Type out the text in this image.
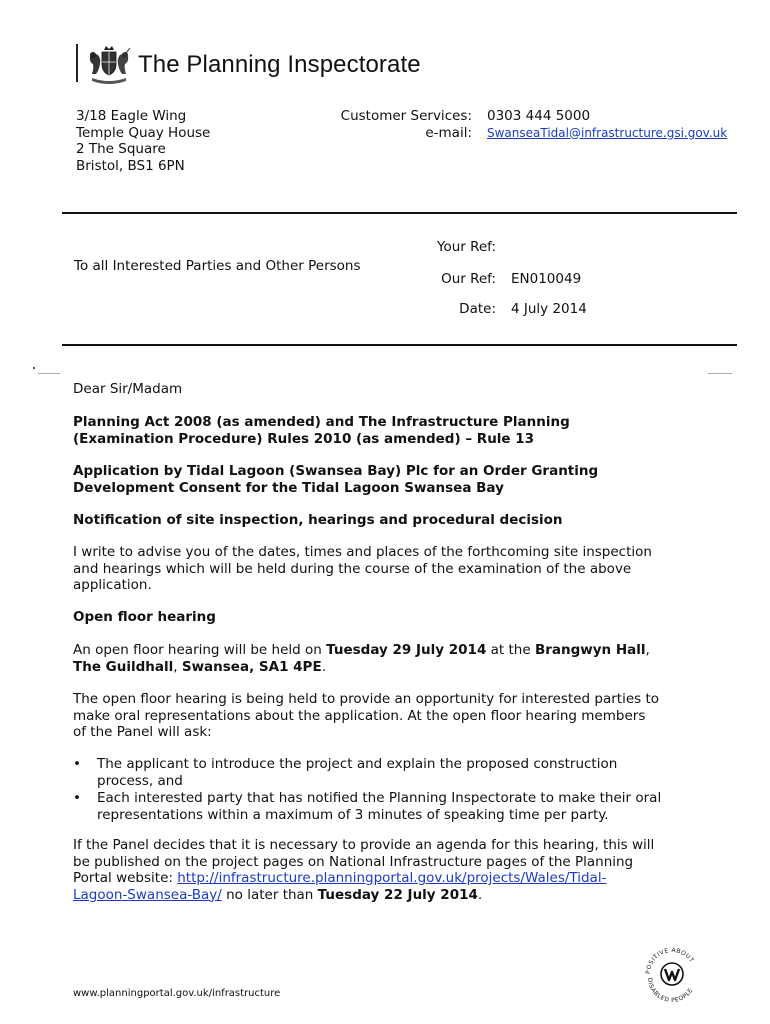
The Planning Inspectorate
3/18 Eagle Wing
Temple Quay House
2 The Square
Bristol, BS1 6PN
Customer Services:
e-mail:
0303 444 5000
SwanseaTidal@infrastructure.gsi.gov.uk
To all Interested Parties and Other Persons
Your Ref:
Our Ref: EN010049
Date: 4 July 2014
Dear Sir/Madam
Planning Act 2008 (as amended) and The Infrastructure Planning
(Examination Procedure) Rules 2010 (as amended) – Rule 13
Application by Tidal Lagoon (Swansea Bay) Plc for an Order Granting
Development Consent for the Tidal Lagoon Swansea Bay
Notification of site inspection, hearings and procedural decision
I write to advise you of the dates, times and places of the forthcoming site inspection
and hearings which will be held during the course of the examination of the above
application.
Open floor hearing
An open floor hearing will be held on Tuesday 29 July 2014 at the Brangwyn Hall,
The Guildhall, Swansea, SA1 4PE.
The open floor hearing is being held to provide an opportunity for interested parties to
make oral representations about the application. At the open floor hearing members
of the Panel will ask:
• The applicant to introduce the project and explain the proposed construction
process, and
• Each interested party that has notified the Planning Inspectorate to make their oral
representations within a maximum of 3 minutes of speaking time per party.
If the Panel decides that it is necessary to provide an agenda for this hearing, this will
be published on the project pages on National Infrastructure pages of the Planning
Portal website: http://infrastructure.planningportal.gov.uk/projects/Wales/Tidal-
Lagoon-Swansea-Bay/ no later than Tuesday 22 July 2014.
www.planningportal.gov.uk/infrastructure
POSITIVE ABOUT
DISABLED PEOPLE
